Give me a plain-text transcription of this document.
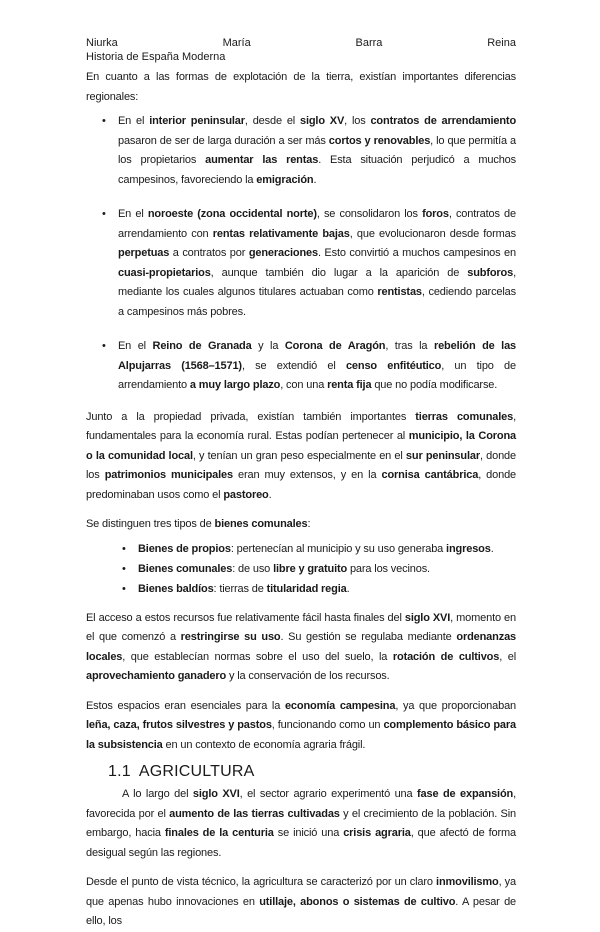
Niurka	María	Barra	Reina
Historia de España Moderna

En cuanto a las formas de explotación de la tierra, existían importantes diferencias regionales:

• En el interior peninsular, desde el siglo XV, los contratos de arrendamiento pasaron de ser de larga duración a ser más cortos y renovables, lo que permitía a los propietarios aumentar las rentas. Esta situación perjudicó a muchos campesinos, favoreciendo la emigración.
• En el noroeste (zona occidental norte), se consolidaron los foros, contratos de arrendamiento con rentas relativamente bajas, que evolucionaron desde formas perpetuas a contratos por generaciones. Esto convirtió a muchos campesinos en cuasi-propietarios, aunque también dio lugar a la aparición de subforos, mediante los cuales algunos titulares actuaban como rentistas, cediendo parcelas a campesinos más pobres.
• En el Reino de Granada y la Corona de Aragón, tras la rebelión de las Alpujarras (1568–1571), se extendió el censo enfitéutico, un tipo de arrendamiento a muy largo plazo, con una renta fija que no podía modificarse.

Junto a la propiedad privada, existían también importantes tierras comunales, fundamentales para la economía rural. Estas podían pertenecer al municipio, la Corona o la comunidad local, y tenían un gran peso especialmente en el sur peninsular, donde los patrimonios municipales eran muy extensos, y en la cornisa cantábrica, donde predominaban usos como el pastoreo.

Se distinguen tres tipos de bienes comunales:

• Bienes de propios: pertenecían al municipio y su uso generaba ingresos.
• Bienes comunales: de uso libre y gratuito para los vecinos.
• Bienes baldíos: tierras de titularidad regia.

El acceso a estos recursos fue relativamente fácil hasta finales del siglo XVI, momento en el que comenzó a restringirse su uso. Su gestión se regulaba mediante ordenanzas locales, que establecían normas sobre el uso del suelo, la rotación de cultivos, el aprovechamiento ganadero y la conservación de los recursos.

Estos espacios eran esenciales para la economía campesina, ya que proporcionaban leña, caza, frutos silvestres y pastos, funcionando como un complemento básico para la subsistencia en un contexto de economía agraria frágil.

1.1 AGRICULTURA

A lo largo del siglo XVI, el sector agrario experimentó una fase de expansión, favorecida por el aumento de las tierras cultivadas y el crecimiento de la población. Sin embargo, hacia finales de la centuria se inició una crisis agraria, que afectó de forma desigual según las regiones.

Desde el punto de vista técnico, la agricultura se caracterizó por un claro inmovilismo, ya que apenas hubo innovaciones en utillaje, abonos o sistemas de cultivo. A pesar de ello, los
